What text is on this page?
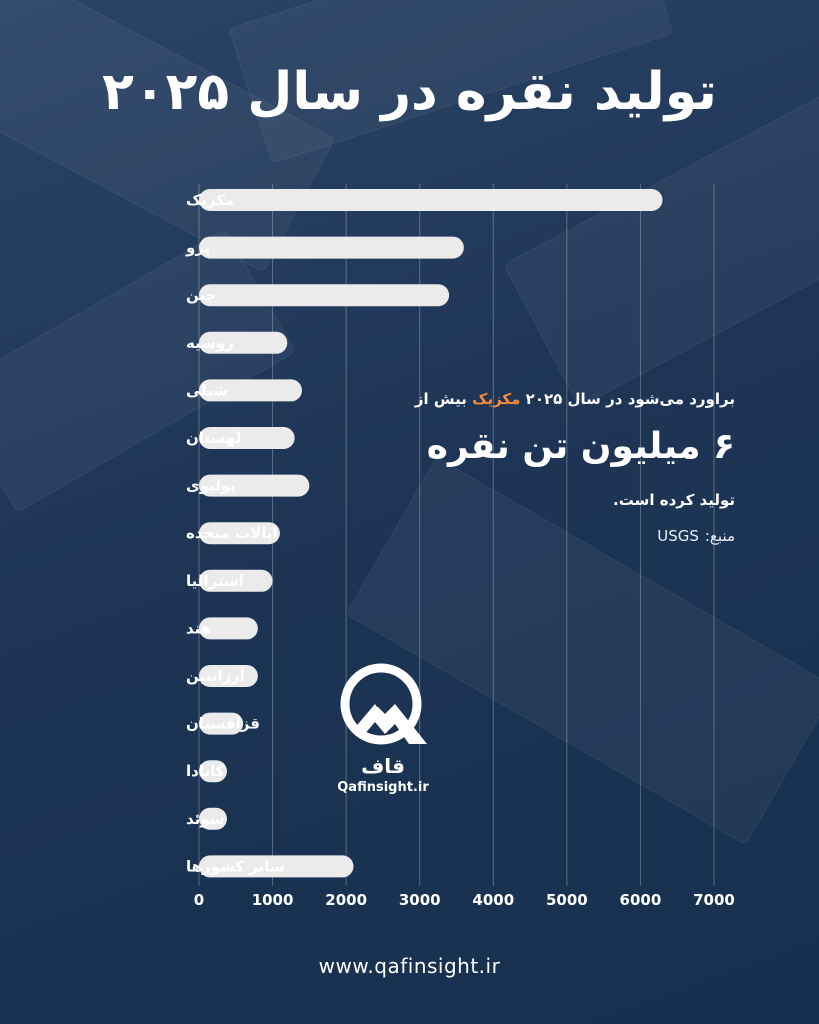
تولید نقره در سال ۲۰۲۵
مکزیک
پرو
چین
روسیه
شیلی
لهستان
بولیوی
ایالات متحده
استرالیا
هند
آرژانتین
قزاقستان
کانادا
سوئد
سایر کشورها
0	1000 2000 3000 4000 5000 6000 7000
براورد می‌شود در سال ۲۰۲۵ مکزیک بیش از
۶ میلیون تن نقره
تولید کرده است.
منبع:
USGS
قاف
Qafinsight.ir
www.qafinsight.ir
